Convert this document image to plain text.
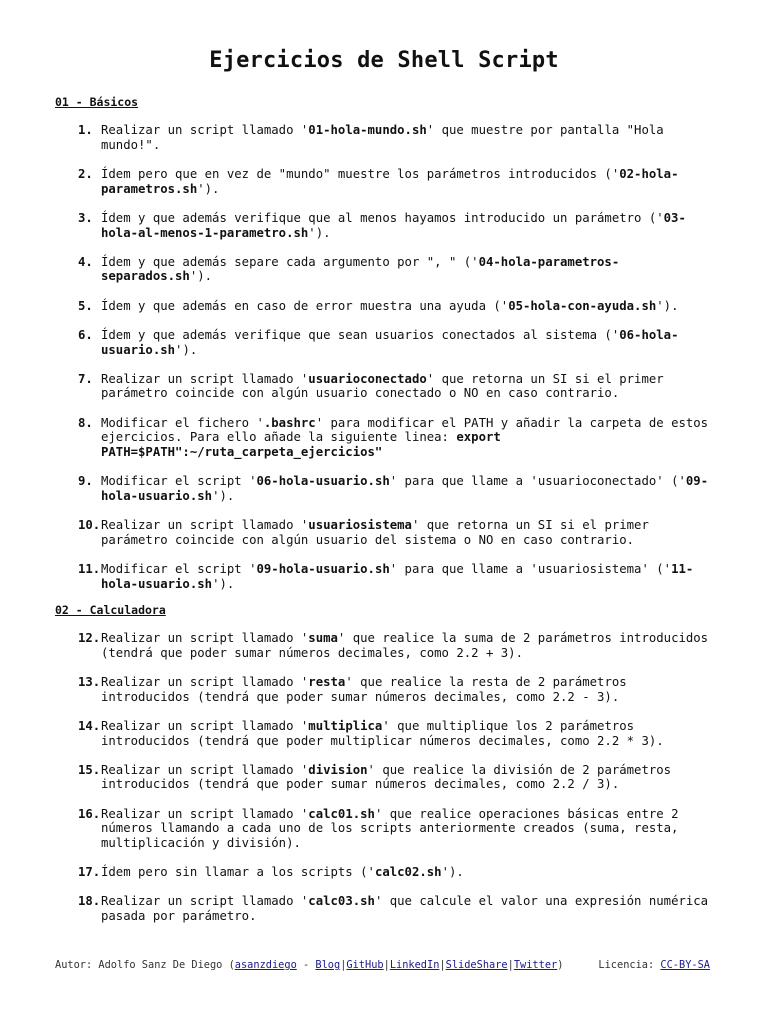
Ejercicios de Shell Script
01 - Básicos
1. Realizar un script llamado '01-hola-mundo.sh' que muestre por pantalla "Hola mundo!".
2. Ídem pero que en vez de "mundo" muestre los parámetros introducidos ('02-hola-parametros.sh').
3. Ídem y que además verifique que al menos hayamos introducido un parámetro ('03-hola-al-menos-1-parametro.sh').
4. Ídem y que además separe cada argumento por ", " ('04-hola-parametros-separados.sh').
5. Ídem y que además en caso de error muestra una ayuda ('05-hola-con-ayuda.sh').
6. Ídem y que además verifique que sean usuarios conectados al sistema ('06-hola-usuario.sh').
7. Realizar un script llamado 'usuarioconectado' que retorna un SI si el primer parámetro coincide con algún usuario conectado o NO en caso contrario.
8. Modificar el fichero '.bashrc' para modificar el PATH y añadir la carpeta de estos ejercicios. Para ello añade la siguiente linea: export PATH=$PATH":~/ruta_carpeta_ejercicios"
9. Modificar el script '06-hola-usuario.sh' para que llame a 'usuarioconectado' ('09-hola-usuario.sh').
10. Realizar un script llamado 'usuariosistema' que retorna un SI si el primer parámetro coincide con algún usuario del sistema o NO en caso contrario.
11. Modificar el script '09-hola-usuario.sh' para que llame a 'usuariosistema' ('11-hola-usuario.sh').
02 - Calculadora
12. Realizar un script llamado 'suma' que realice la suma de 2 parámetros introducidos (tendrá que poder sumar números decimales, como 2.2 + 3).
13. Realizar un script llamado 'resta' que realice la resta de 2 parámetros introducidos (tendrá que poder sumar números decimales, como 2.2 - 3).
14. Realizar un script llamado 'multiplica' que multiplique los 2 parámetros introducidos (tendrá que poder multiplicar números decimales, como 2.2 * 3).
15. Realizar un script llamado 'division' que realice la división de 2 parámetros introducidos (tendrá que poder sumar números decimales, como 2.2 / 3).
16. Realizar un script llamado 'calc01.sh' que realice operaciones básicas entre 2 números llamando a cada uno de los scripts anteriormente creados (suma, resta, multiplicación y división).
17. Ídem pero sin llamar a los scripts ('calc02.sh').
18. Realizar un script llamado 'calc03.sh' que calcule el valor una expresión numérica pasada por parámetro.
Autor: Adolfo Sanz De Diego (asanzdiego - Blog|GitHub|LinkedIn|SlideShare|Twitter)	Licencia: CC-BY-SA
